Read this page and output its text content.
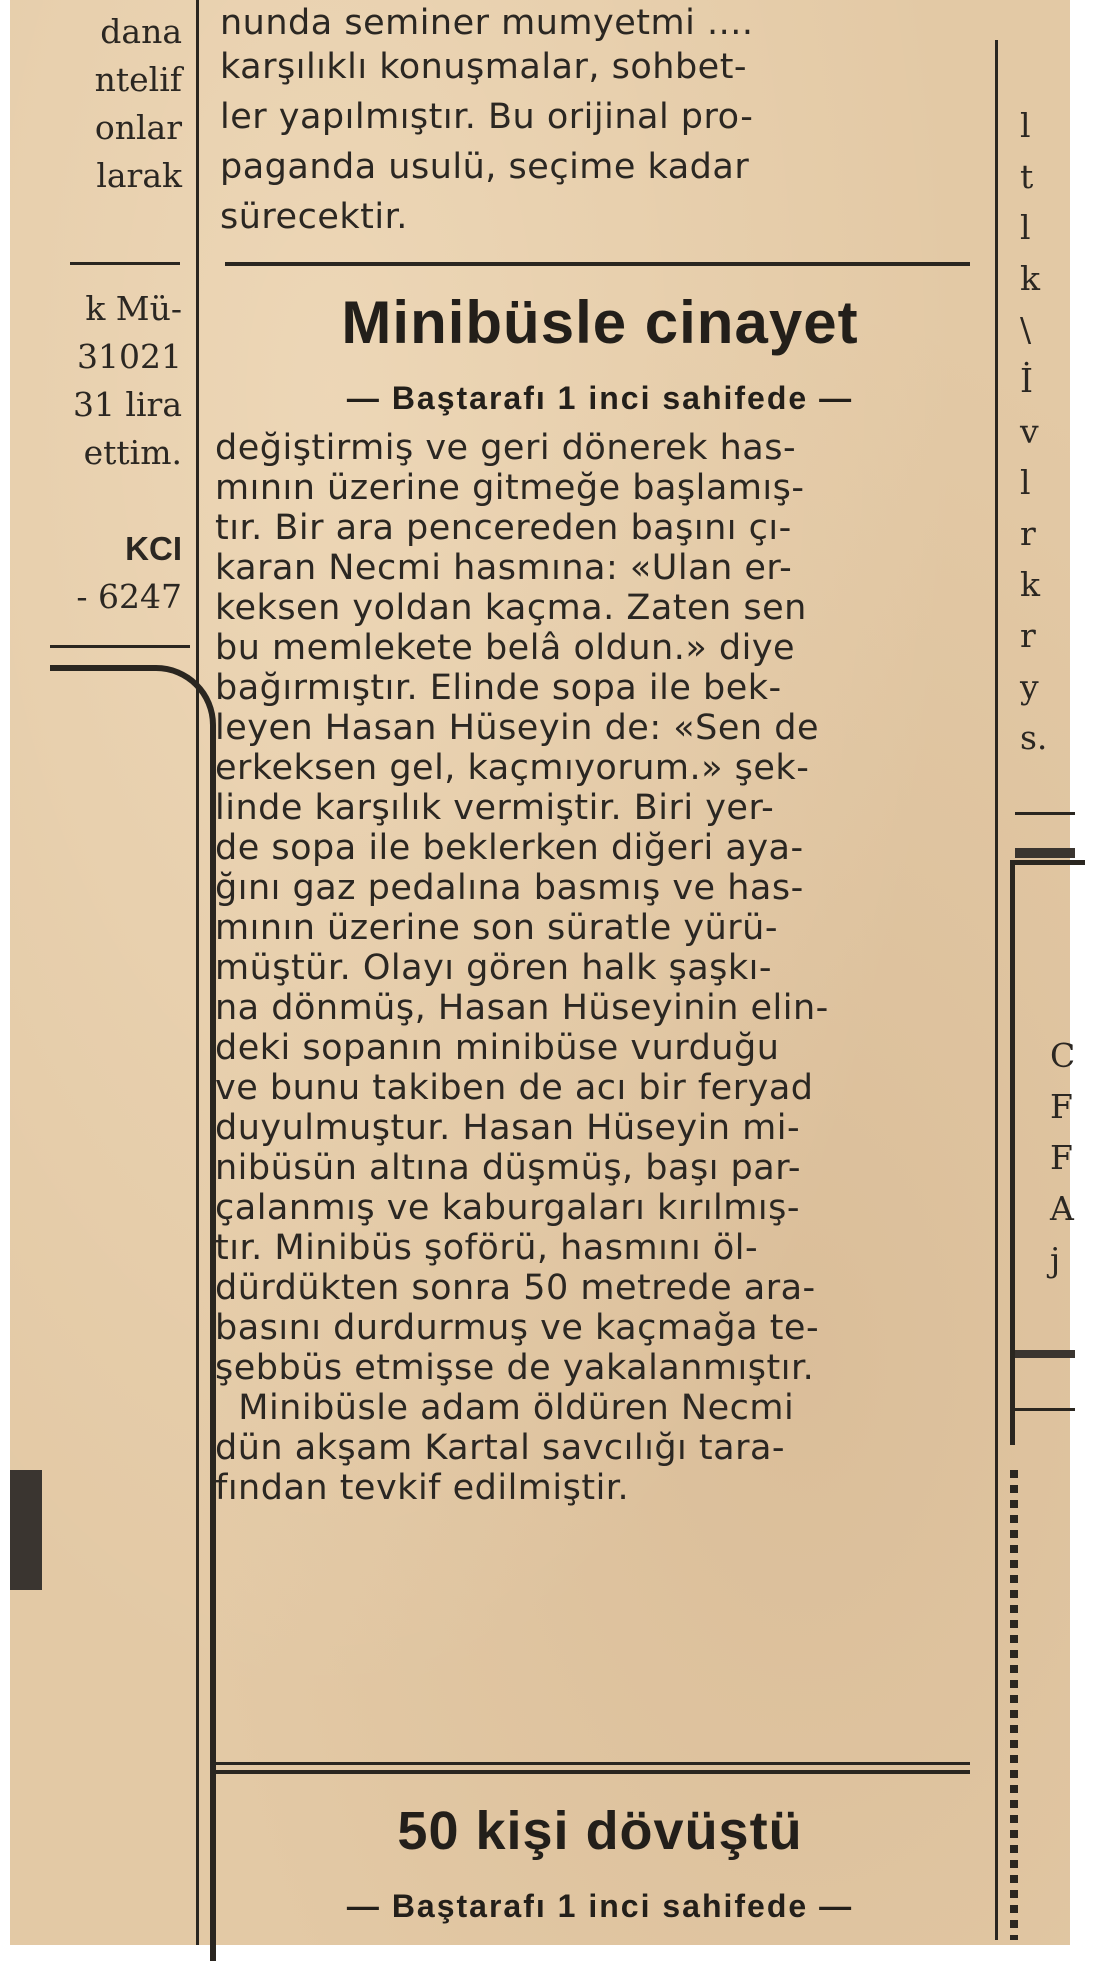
dana
ntelif
onlar
larak
k Mü-
31021
31 lira
ettim.
KCI
- 6247
l
t
l
k
\
İ
v
l
r
k
r
y
s.
C
F
F
A
j
nunda seminer mumyetmi ....
karşılıklı konuşmalar, sohbet-
ler yapılmıştır. Bu orijinal pro-
paganda usulü, seçime kadar
sürecektir.
Minibüsle cinayet
— Baştarafı 1 inci sahifede —
değiştirmiş ve geri dönerek has-
mının üzerine gitmeğe başlamış-
tır. Bir ara pencereden başını çı-
karan Necmi hasmına: «Ulan er-
keksen yoldan kaçma. Zaten sen
bu memlekete belâ oldun.» diye
bağırmıştır. Elinde sopa ile bek-
leyen Hasan Hüseyin de: «Sen de
erkeksen gel, kaçmıyorum.» şek-
linde karşılık vermiştir. Biri yer-
de sopa ile beklerken diğeri aya-
ğını gaz pedalına basmış ve has-
mının üzerine son süratle yürü-
müştür. Olayı gören halk şaşkı-
na dönmüş, Hasan Hüseyinin elin-
deki sopanın minibüse vurduğu
ve bunu takiben de acı bir feryad
duyulmuştur. Hasan Hüseyin mi-
nibüsün altına düşmüş, başı par-
çalanmış ve kaburgaları kırılmış-
tır. Minibüs şoförü, hasmını öl-
dürdükten sonra 50 metrede ara-
basını durdurmuş ve kaçmağa te-
şebbüs etmişse de yakalanmıştır.
Minibüsle adam öldüren Necmi
dün akşam Kartal savcılığı tara-
fından tevkif edilmiştir.
50 kişi dövüştü
— Baştarafı 1 inci sahifede —
